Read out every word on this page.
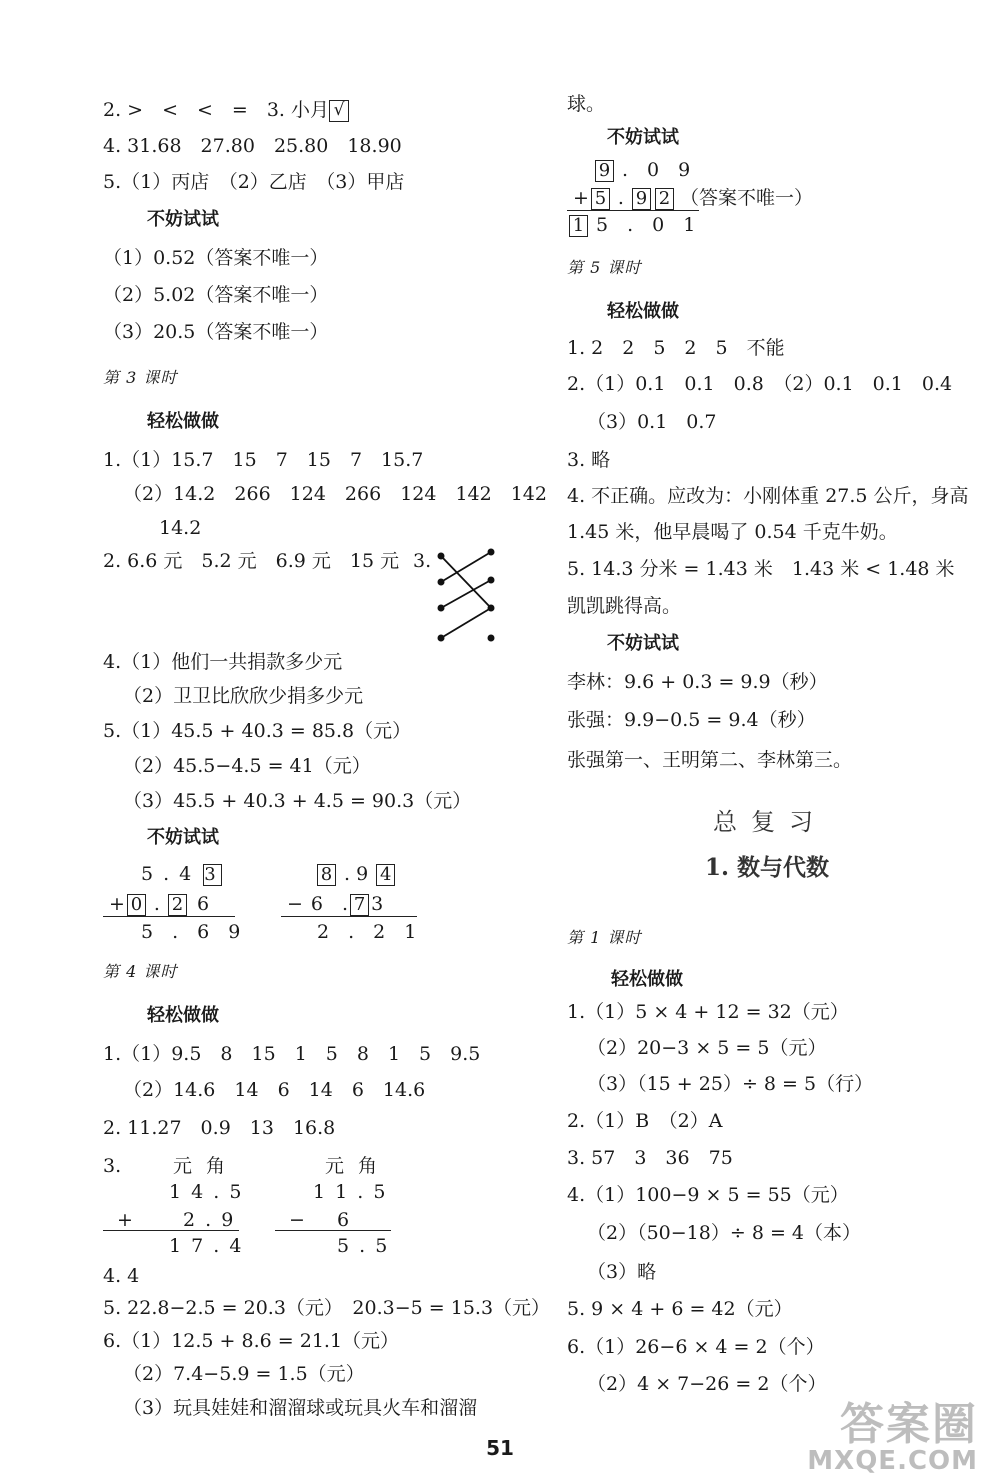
2. >　<　<　=　3. 小月 √
4. 31.68　27.80　25.80　18.90
5.（1）丙店　（2）乙店　（3）甲店
不妨试试
（1）0.52（答案不唯一）
（2）5.02（答案不唯一）
（3）20.5（答案不唯一）
第 3 课时
轻松做做
1.（1）15.7　15　7　15　7　15.7
（2）14.2　266　124　266　124　142　142
14.2
2. 6.6 元　5.2 元　6.9 元　15 元 3.
4.（1）他们一共捐款多少元
（2）卫卫比欣欣少捐多少元
5.（1）45.5 + 40.3 = 85.8（元）
（2）45.5−4.5 = 41（元）
（3）45.5 + 40.3 + 4.5 = 90.3（元）
不妨试试
5.4 3
+ 0 . 2 6
5　.　6　9
8 . 9 4
− 6　. 7 3
2　.　2　1
第 4 课时
轻松做做
1.（1）9.5　8　15　1　5　8　1　5　9.5
（2）14.6　14　6　14　6　14.6
2. 11.27　0.9　13　16.8
3.	元 角
1 4 . 5
+	2 . 9
1 7 . 4
元 角
1 1 . 5
− 6
5 . 5
4. 4
5. 22.8−2.5 = 20.3（元）　20.3−5 = 15.3（元）
6.（1）12.5 + 8.6 = 21.1（元）
（2）7.4−5.9 = 1.5（元）
（3）玩具娃娃和溜溜球或玩具火车和溜溜
球。
不妨试试
9 .　0　9
+ 5 . 9 2 （答案不唯一）
1 5　.　0　1
第 5 课时
轻松做做
1. 2　2　5　2　5　不能
2.（1）0.1　0.1　0.8　（2）0.1　0.1　0.4
（3）0.1　0.7
3. 略
4. 不正确。应改为：小刚体重 27.5 公斤，身高
1.45 米，他早晨喝了 0.54 千克牛奶。
5. 14.3 分米 = 1.43 米　1.43 米 < 1.48 米
凯凯跳得高。
不妨试试
李林：9.6 + 0.3 = 9.9（秒）
张强：9.9−0.5 = 9.4（秒）
张强第一、王明第二、李林第三。
总复习
1. 数与代数
第 1 课时
轻松做做
1.（1）5 × 4 + 12 = 32（元）
（2）20−3 × 5 = 5（元）
（3）（15 + 25）÷ 8 = 5（行）
2.（1）B　（2）A
3. 57　3　36　75
4.（1）100−9 × 5 = 55（元）
（2）（50−18）÷ 8 = 4（本）
（3）略
5. 9 × 4 + 6 = 42（元）
6.（1）26−6 × 4 = 2（个）
（2）4 × 7−26 = 2（个）
51	答案圈
MXQE.COM
